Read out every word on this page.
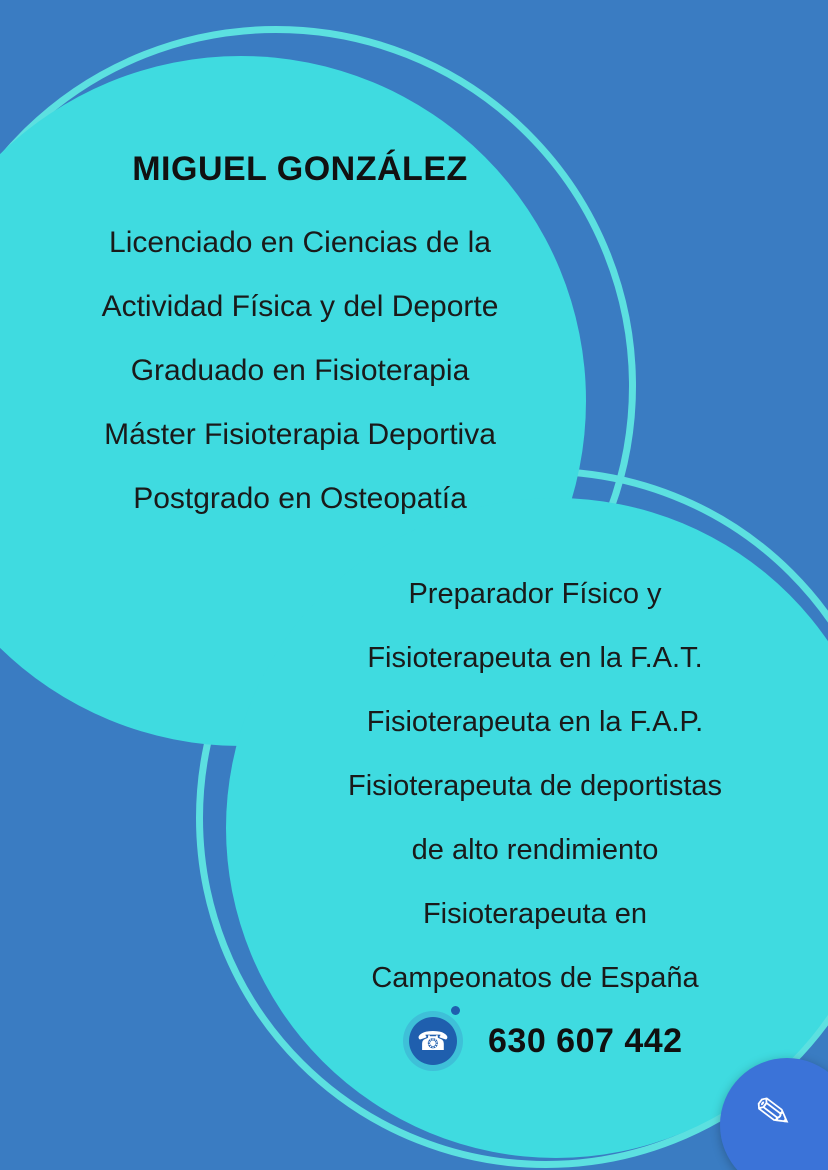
MIGUEL GONZÁLEZ
Licenciado en Ciencias de la
Actividad Física y del Deporte
Graduado en Fisioterapia
Máster Fisioterapia Deportiva
Postgrado en Osteopatía
Preparador Físico y
Fisioterapeuta en la F.A.T.
Fisioterapeuta en la F.A.P.
Fisioterapeuta de deportistas
de alto rendimiento
Fisioterapeuta en
Campeonatos de España
☎ 630 607 442
✎
